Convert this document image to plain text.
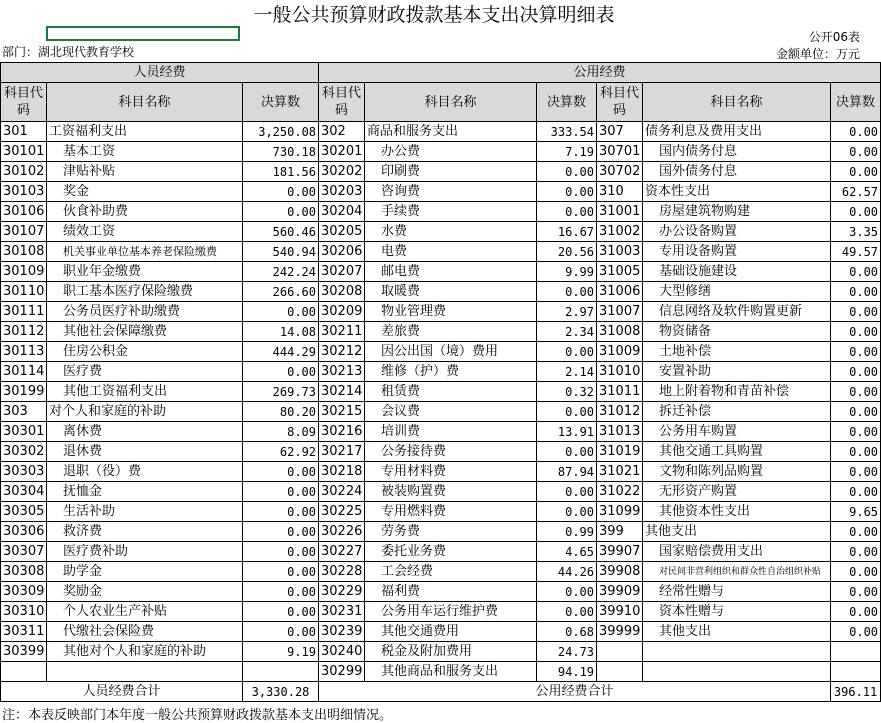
一般公共预算财政拨款基本支出决算明细表
公开06表
部门：湖北现代教育学校	金额单位：万元
人员经费			公用经费					
科目代码	科目名称	决算数	科目代码	科目名称	决算数	科目代码	科目名称	决算数
301	工资福利支出	3,250.08	302	商品和服务支出	333.54	307	债务利息及费用支出	0.00
30101	基本工资	730.18	30201	办公费	7.19	30701	国内债务付息	0.00
30102	津贴补贴	181.56	30202	印刷费	0.00	30702	国外债务付息	0.00
30103	奖金	0.00	30203	咨询费	0.00	310	资本性支出	62.57
30106	伙食补助费	0.00	30204	手续费	0.00	31001	房屋建筑物购建	0.00
30107	绩效工资	560.46	30205	水费	16.67	31002	办公设备购置	3.35
30108	机关事业单位基本养老保险缴费	540.94	30206	电费	20.56	31003	专用设备购置	49.57
30109	职业年金缴费	242.24	30207	邮电费	9.99	31005	基础设施建设	0.00
30110	职工基本医疗保险缴费	266.60	30208	取暖费	0.00	31006	大型修缮	0.00
30111	公务员医疗补助缴费	0.00	30209	物业管理费	2.97	31007	信息网络及软件购置更新	0.00
30112	其他社会保障缴费	14.08	30211	差旅费	2.34	31008	物资储备	0.00
30113	住房公积金	444.29	30212	因公出国（境）费用	0.00	31009	土地补偿	0.00
30114	医疗费	0.00	30213	维修（护）费	2.14	31010	安置补助	0.00
30199	其他工资福利支出	269.73	30214	租赁费	0.32	31011	地上附着物和青苗补偿	0.00
303	对个人和家庭的补助	80.20	30215	会议费	0.00	31012	拆迁补偿	0.00
30301	离休费	8.09	30216	培训费	13.91	31013	公务用车购置	0.00
30302	退休费	62.92	30217	公务接待费	0.00	31019	其他交通工具购置	0.00
30303	退职（役）费	0.00	30218	专用材料费	87.94	31021	文物和陈列品购置	0.00
30304	抚恤金	0.00	30224	被装购置费	0.00	31022	无形资产购置	0.00
30305	生活补助	0.00	30225	专用燃料费	0.00	31099	其他资本性支出	9.65
30306	救济费	0.00	30226	劳务费	0.99	399	其他支出	0.00
30307	医疗费补助	0.00	30227	委托业务费	4.65	39907	国家赔偿费用支出	0.00
30308	助学金	0.00	30228	工会经费	44.26	39908	对民间非营利组织和群众性自治组织补贴	0.00
30309	奖励金	0.00	30229	福利费	0.00	39909	经常性赠与	0.00
30310	个人农业生产补贴	0.00	30231	公务用车运行维护费	0.00	39910	资本性赠与	0.00
30311	代缴社会保险费	0.00	30239	其他交通费用	0.68	39999	其他支出	0.00
30399	其他对个人和家庭的补助	9.19	30240	税金及附加费用	24.73			
			30299	其他商品和服务支出	94.19			
人员经费合计		3,330.28	公用经费合计					396.11
注：本表反映部门本年度一般公共预算财政拨款基本支出明细情况。
